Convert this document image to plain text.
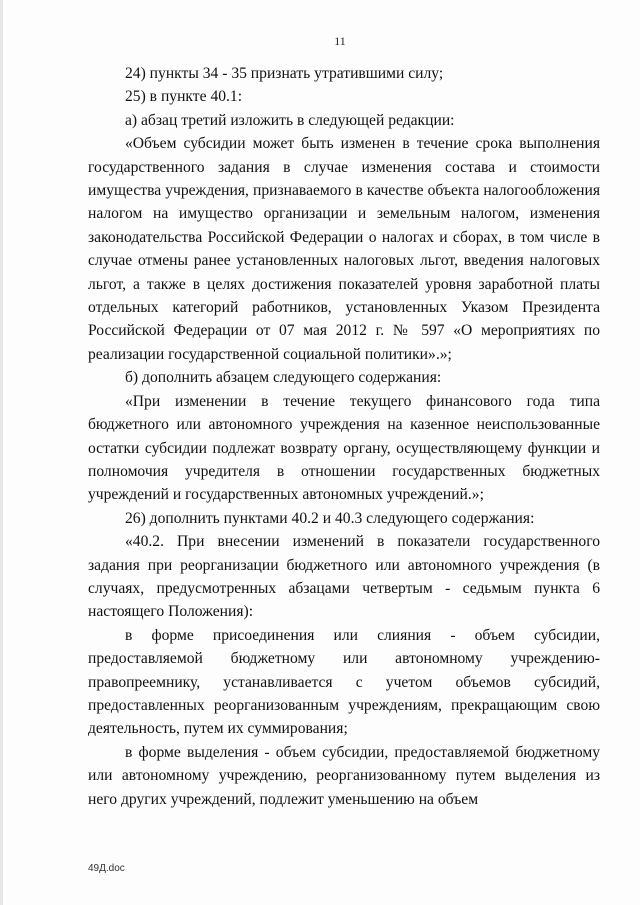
11

24) пункты 34 - 35 признать утратившими силу;

25) в пункте 40.1:

а) абзац третий изложить в следующей редакции:

«Объем субсидии может быть изменен в течение срока выполнения государственного задания в случае изменения состава и стоимости имущества учреждения, признаваемого в качестве объекта налогообложения налогом на имущество организации и земельным налогом, изменения законодательства Российской Федерации о налогах и сборах, в том числе в случае отмены ранее установленных налоговых льгот, введения налоговых льгот, а также в целях достижения показателей уровня заработной платы отдельных категорий работников, установленных Указом Президента Российской Федерации от 07 мая 2012 г. № 597 «О мероприятиях по реализации государственной социальной политики».»;

б) дополнить абзацем следующего содержания:

«При изменении в течение текущего финансового года типа бюджетного или автономного учреждения на казенное неиспользованные остатки субсидии подлежат возврату органу, осуществляющему функции и полномочия учредителя в отношении государственных бюджетных учреждений и государственных автономных учреждений.»;

26) дополнить пунктами 40.2 и 40.3 следующего содержания:

«40.2. При внесении изменений в показатели государственного задания при реорганизации бюджетного или автономного учреждения (в случаях, предусмотренных абзацами четвертым - седьмым пункта 6 настоящего Положения):

в форме присоединения или слияния - объем субсидии, предоставляемой бюджетному или автономному учреждению-правопреемнику, устанавливается с учетом объемов субсидий, предоставленных реорганизованным учреждениям, прекращающим свою деятельность, путем их суммирования;

в форме выделения - объем субсидии, предоставляемой бюджетному или автономному учреждению, реорганизованному путем выделения из него других учреждений, подлежит уменьшению на объем

49Д.doc
